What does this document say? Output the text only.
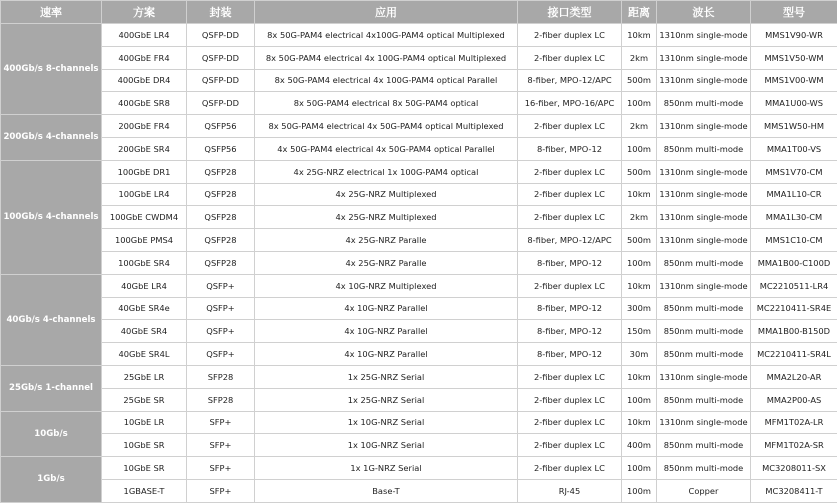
速率	方案	封装	应用	接口类型	距离	波长	型号
400Gb/s 8-channels	400GbE LR4	QSFP-DD	8x 50G-PAM4 electrical 4x100G-PAM4 optical Multiplexed	2-fiber duplex LC	10km	1310nm single-mode	MMS1V90-WR
	400GbE FR4	QSFP-DD	8x 50G-PAM4 electrical 4x 100G-PAM4 optical Multiplexed	2-fiber duplex LC	2km	1310nm single-mode	MMS1V50-WM
	400GbE DR4	QSFP-DD	8x 50G-PAM4 electrical 4x 100G-PAM4 optical Parallel	8-fiber, MPO-12/APC	500m	1310nm single-mode	MMS1V00-WM
	400GbE SR8	QSFP-DD	8x 50G-PAM4 electrical 8x 50G-PAM4 optical	16-fiber, MPO-16/APC	100m	850nm multi-mode	MMA1U00-WS
200Gb/s 4-channels	200GbE FR4	QSFP56	8x 50G-PAM4 electrical 4x 50G-PAM4 optical Multiplexed	2-fiber duplex LC	2km	1310nm single-mode	MMS1W50-HM
	200GbE SR4	QSFP56	4x 50G-PAM4 electrical 4x 50G-PAM4 optical Parallel	8-fiber, MPO-12	100m	850nm multi-mode	MMA1T00-VS
100Gb/s 4-channels	100GbE DR1	QSFP28	4x 25G-NRZ electrical 1x 100G-PAM4 optical	2-fiber duplex LC	500m	1310nm single-mode	MMS1V70-CM
	100GbE LR4	QSFP28	4x 25G-NRZ Multiplexed	2-fiber duplex LC	10km	1310nm single-mode	MMA1L10-CR
	100GbE CWDM4	QSFP28	4x 25G-NRZ Multiplexed	2-fiber duplex LC	2km	1310nm single-mode	MMA1L30-CM
	100GbE PMS4	QSFP28	4x 25G-NRZ Paralle	8-fiber, MPO-12/APC	500m	1310nm single-mode	MMS1C10-CM
	100GbE SR4	QSFP28	4x 25G-NRZ Paralle	8-fiber, MPO-12	100m	850nm multi-mode	MMA1B00-C100D
40Gb/s 4-channels	40GbE LR4	QSFP+	4x 10G-NRZ Multiplexed	2-fiber duplex LC	10km	1310nm single-mode	MC2210511-LR4
	40GbE SR4e	QSFP+	4x 10G-NRZ Parallel	8-fiber, MPO-12	300m	850nm multi-mode	MC2210411-SR4E
	40GbE SR4	QSFP+	4x 10G-NRZ Parallel	8-fiber, MPO-12	150m	850nm multi-mode	MMA1B00-B150D
	40GbE SR4L	QSFP+	4x 10G-NRZ Parallel	8-fiber, MPO-12	30m	850nm multi-mode	MC2210411-SR4L
25Gb/s 1-channel	25GbE LR	SFP28	1x 25G-NRZ Serial	2-fiber duplex LC	10km	1310nm single-mode	MMA2L20-AR
	25GbE SR	SFP28	1x 25G-NRZ Serial	2-fiber duplex LC	100m	850nm multi-mode	MMA2P00-AS
10Gb/s	10GbE LR	SFP+	1x 10G-NRZ Serial	2-fiber duplex LC	10km	1310nm single-mode	MFM1T02A-LR
	10GbE SR	SFP+	1x 10G-NRZ Serial	2-fiber duplex LC	400m	850nm multi-mode	MFM1T02A-SR
1Gb/s	10GbE SR	SFP+	1x 1G-NRZ Serial	2-fiber duplex LC	100m	850nm multi-mode	MC3208011-SX
	1GBASE-T	SFP+	Base-T	RJ-45	100m	Copper	MC3208411-T
